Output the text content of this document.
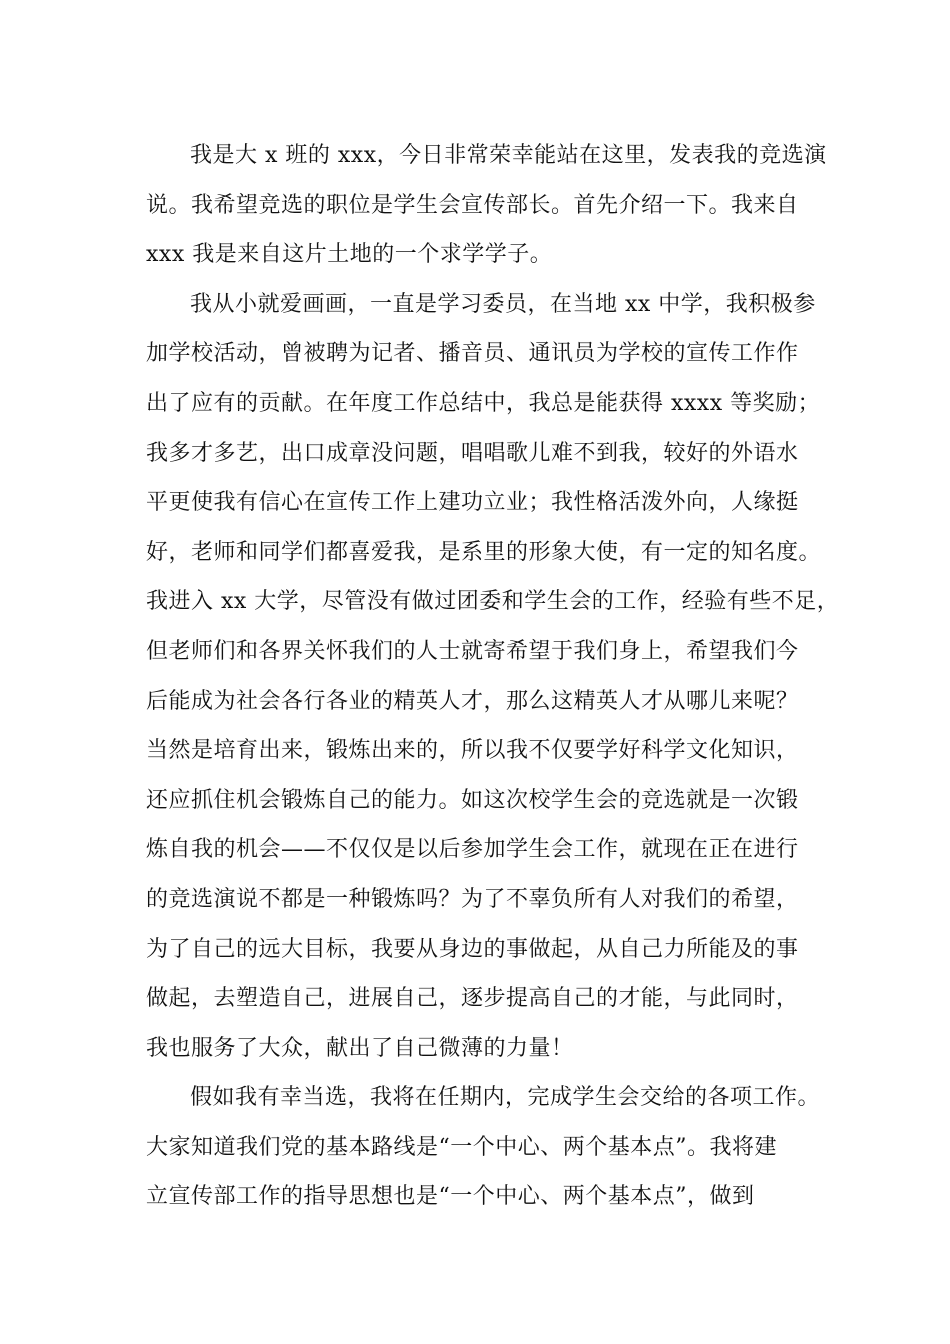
我是大 x 班的 xxx，今日非常荣幸能站在这里，发表我的竞选演
说。我希望竞选的职位是学生会宣传部长。首先介绍一下。我来自
xxx 我是来自这片土地的一个求学学子。
我从小就爱画画，一直是学习委员，在当地 xx 中学，我积极参
加学校活动，曾被聘为记者、播音员、通讯员为学校的宣传工作作
出了应有的贡献。在年度工作总结中，我总是能获得 xxxx 等奖励；
我多才多艺，出口成章没问题，唱唱歌儿难不到我，较好的外语水
平更使我有信心在宣传工作上建功立业；我性格活泼外向，人缘挺
好，老师和同学们都喜爱我，是系里的形象大使，有一定的知名度。
我进入 xx 大学，尽管没有做过团委和学生会的工作，经验有些不足，
但老师们和各界关怀我们的人士就寄希望于我们身上，希望我们今
后能成为社会各行各业的精英人才，那么这精英人才从哪儿来呢？
当然是培育出来，锻炼出来的，所以我不仅要学好科学文化知识，
还应抓住机会锻炼自己的能力。如这次校学生会的竞选就是一次锻
炼自我的机会——不仅仅是以后参加学生会工作，就现在正在进行
的竞选演说不都是一种锻炼吗？为了不辜负所有人对我们的希望，
为了自己的远大目标，我要从身边的事做起，从自己力所能及的事
做起，去塑造自己，进展自己，逐步提高自己的才能，与此同时，
我也服务了大众，献出了自己微薄的力量！
假如我有幸当选，我将在任期内，完成学生会交给的各项工作。
大家知道我们党的基本路线是“一个中心、两个基本点”。我将建
立宣传部工作的指导思想也是“一个中心、两个基本点”，做到
